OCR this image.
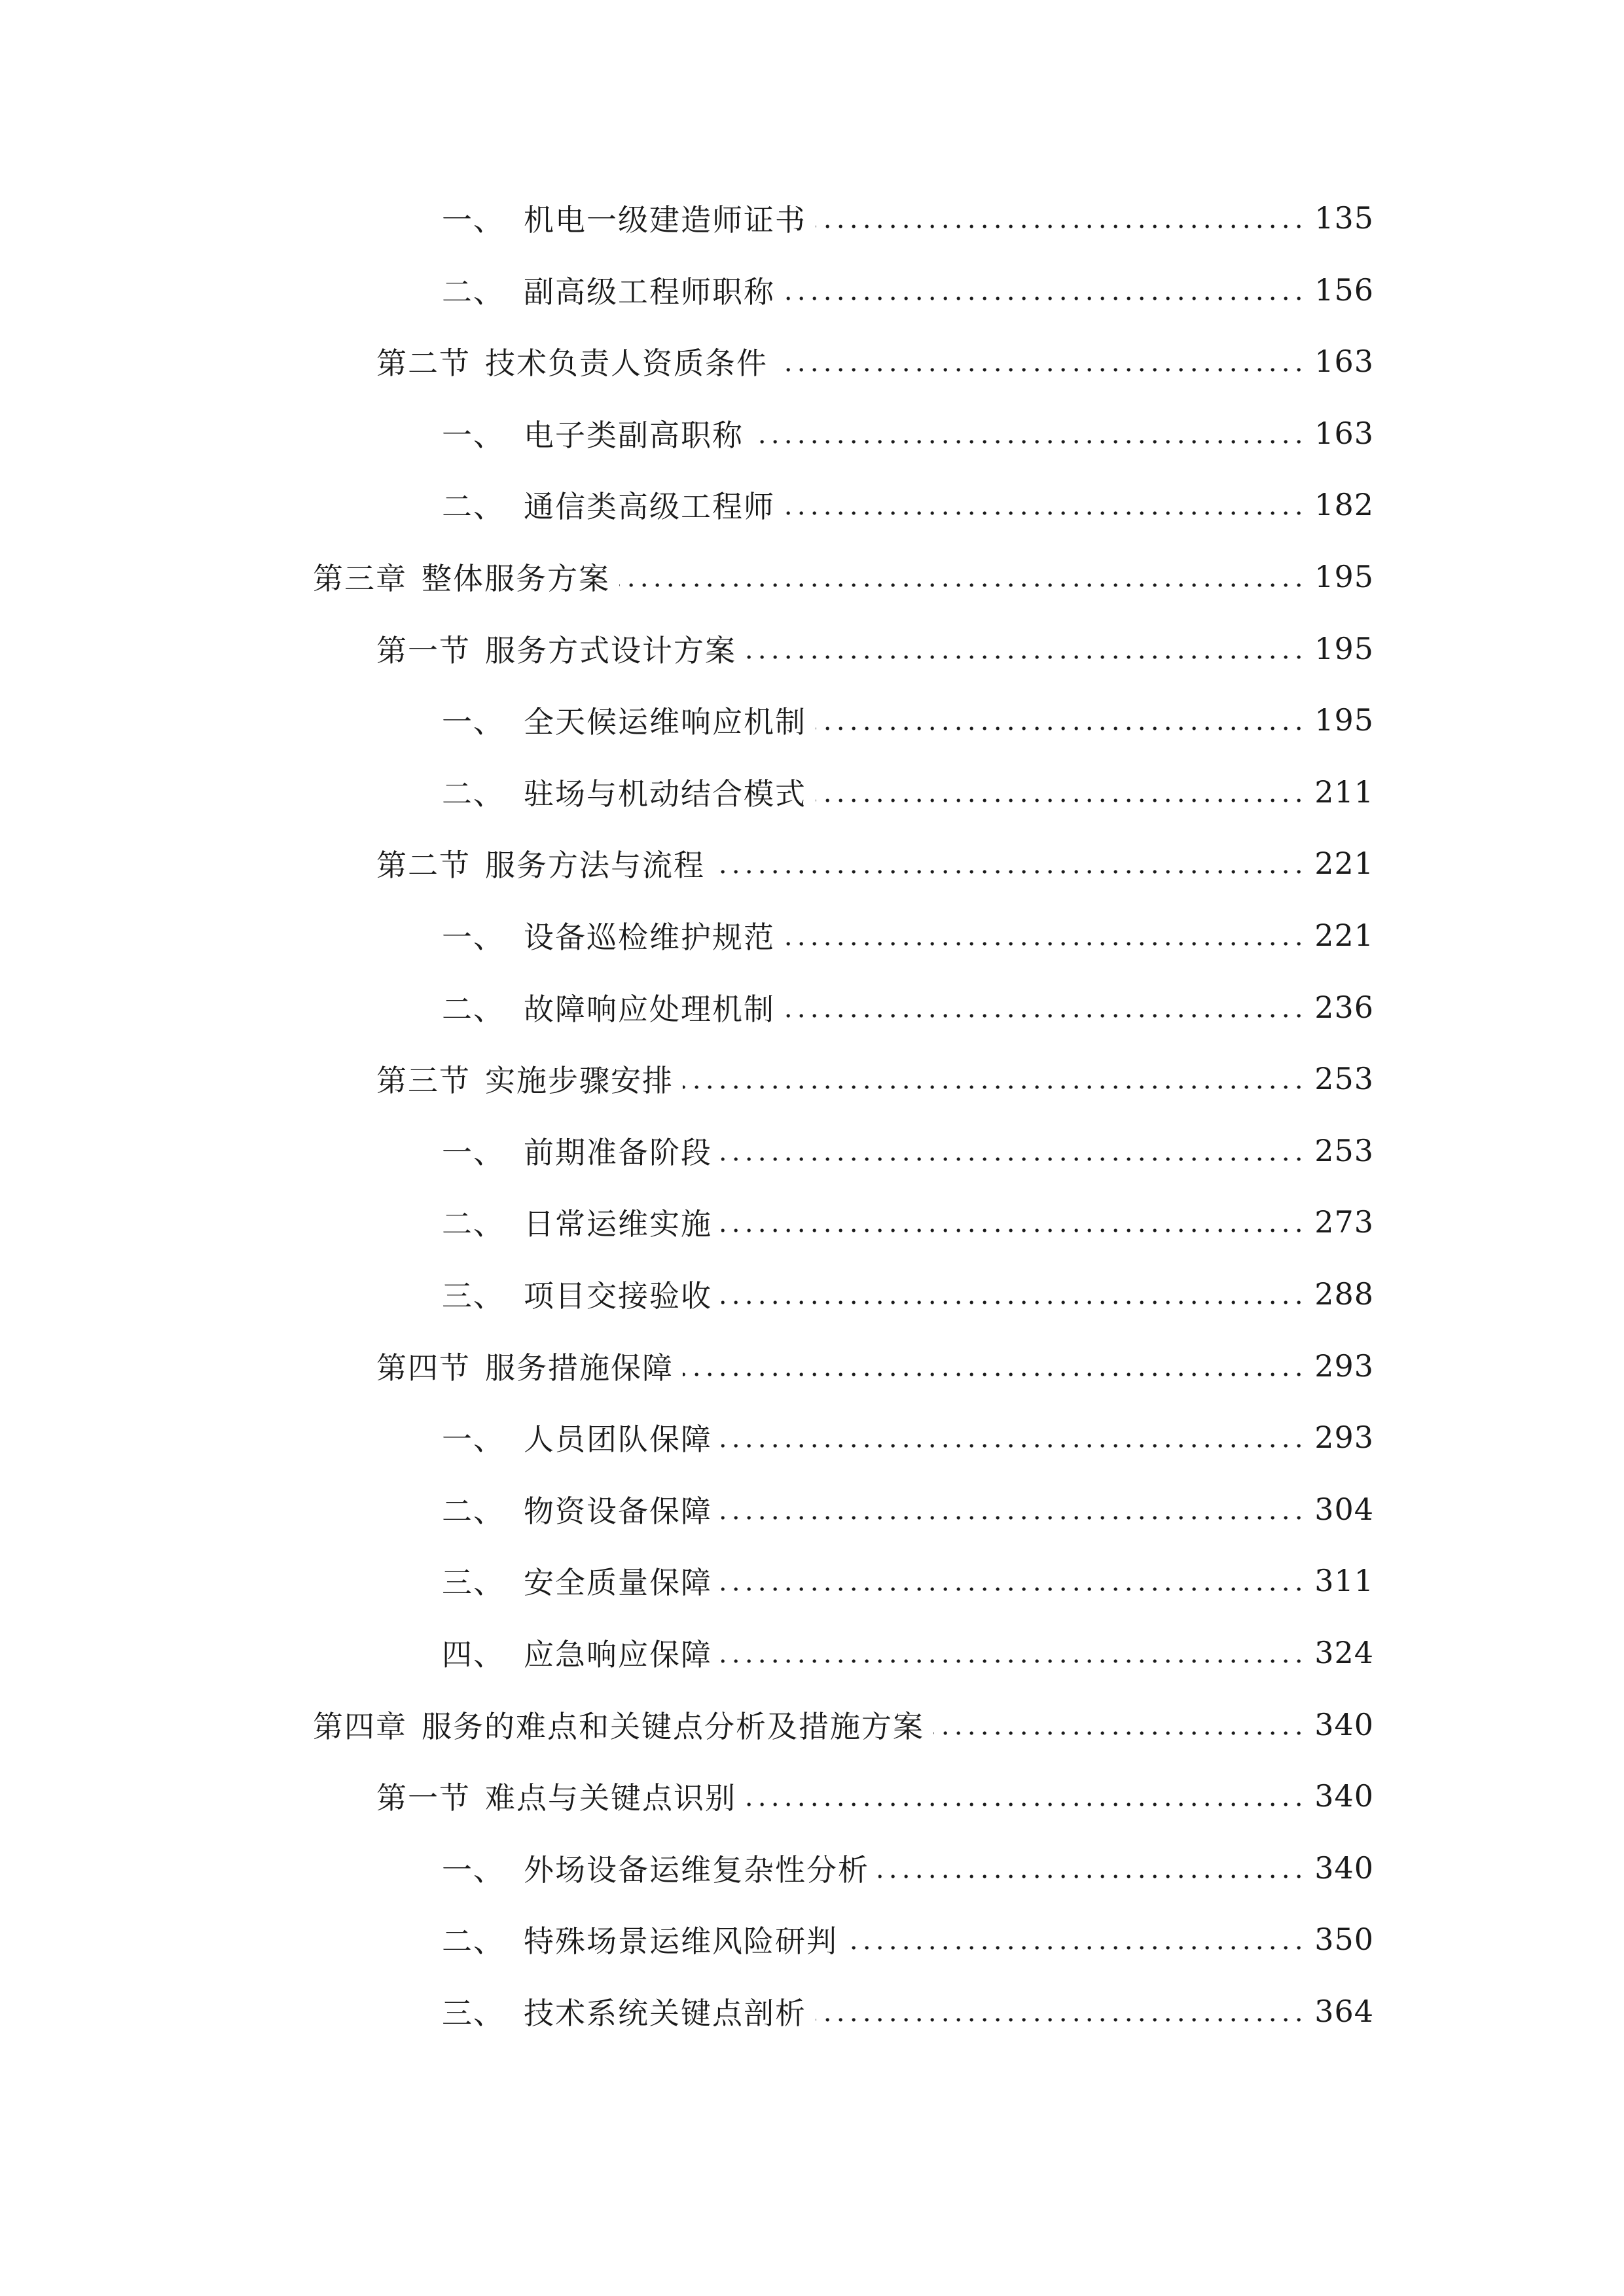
一、 机电一级建造师证书	135
二、 副高级工程师职称	156
第二节 技术负责人资质条件	163
一、 电子类副高职称	163
二、 通信类高级工程师	182
第三章 整体服务方案	195
第一节 服务方式设计方案	195
一、 全天候运维响应机制	195
二、 驻场与机动结合模式	211
第二节 服务方法与流程	221
一、 设备巡检维护规范	221
二、 故障响应处理机制	236
第三节 实施步骤安排	253
一、 前期准备阶段	253
二、 日常运维实施	273
三、 项目交接验收	288
第四节 服务措施保障	293
一、 人员团队保障	293
二、 物资设备保障	304
三、 安全质量保障	311
四、 应急响应保障	324
第四章 服务的难点和关键点分析及措施方案	340
第一节 难点与关键点识别	340
一、 外场设备运维复杂性分析	340
二、 特殊场景运维风险研判	350
三、 技术系统关键点剖析	364
